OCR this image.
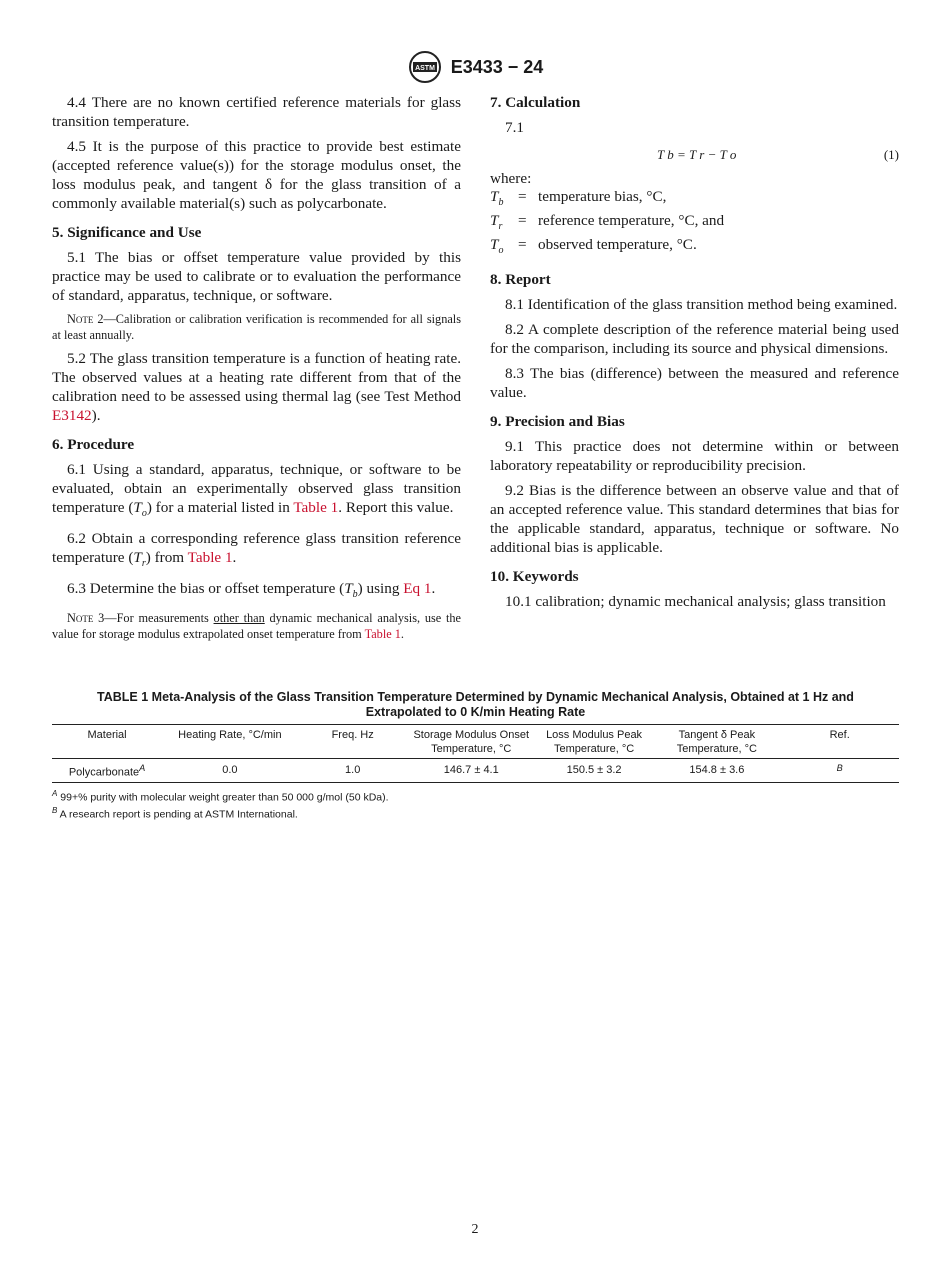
ASTM E3433 − 24

4.4 There are no known certified reference materials for glass transition temperature.

4.5 It is the purpose of this practice to provide best estimate (accepted reference value(s)) for the storage modulus onset, the loss modulus peak, and tangent δ for the glass transition of a commonly available material(s) such as polycarbonate.

5. Significance and Use

5.1 The bias or offset temperature value provided by this practice may be used to calibrate or to evaluation the performance of standard, apparatus, technique, or software.

Note 2—Calibration or calibration verification is recommended for all signals at least annually.

5.2 The glass transition temperature is a function of heating rate. The observed values at a heating rate different from that of the calibration need to be assessed using thermal lag (see Test Method E3142).

6. Procedure

6.1 Using a standard, apparatus, technique, or software to be evaluated, obtain an experimentally observed glass transition temperature $(T_o)$ for a material listed in Table 1. Report this value.

6.2 Obtain a corresponding reference glass transition reference temperature $(T_r)$ from Table 1.

6.3 Determine the bias or offset temperature $(T_b)$ using Eq 1.

Note 3—For measurements other than dynamic mechanical analysis, use the value for storage modulus extrapolated onset temperature from Table 1.
7. Calculation

7.1

T b = T r − T o	(1)
where:
$T_b$ = temperature bias, °C,
$T_r$	= reference temperature, °C, and
$T_o$ = observed temperature, °C.
8. Report

8.1 Identification of the glass transition method being examined.

8.2 A complete description of the reference material being used for the comparison, including its source and physical dimensions.

8.3 The bias (difference) between the measured and reference value.

9. Precision and Bias

9.1 This practice does not determine within or between laboratory repeatability or reproducibility precision.

9.2 Bias is the difference between an observe value and that of an accepted reference value. This standard determines that bias for the applicable standard, apparatus, technique or software. No additional bias is applicable.

10. Keywords

10.1 calibration; dynamic mechanical analysis; glass transition

TABLE 1 Meta-Analysis of the Glass Transition Temperature Determined by Dynamic Mechanical Analysis, Obtained at 1 Hz and
Extrapolated to 0 K/min Heating Rate
Material	Heating Rate, °C/min	Freq. Hz	Storage Modulus Onset Temperature, °C	Loss Modulus Peak Temperature, °C	Tangent δ Peak Temperature, °C	Ref.
Polycarbonate$^A$	0.0	1.0	146.7 ± 4.1	150.5 ± 3.2	154.8 ± 3.6	$^B$
$^A$ 99+% purity with molecular weight greater than 50 000 g/mol (50 kDa).
$^B$ A research report is pending at ASTM International.
2
